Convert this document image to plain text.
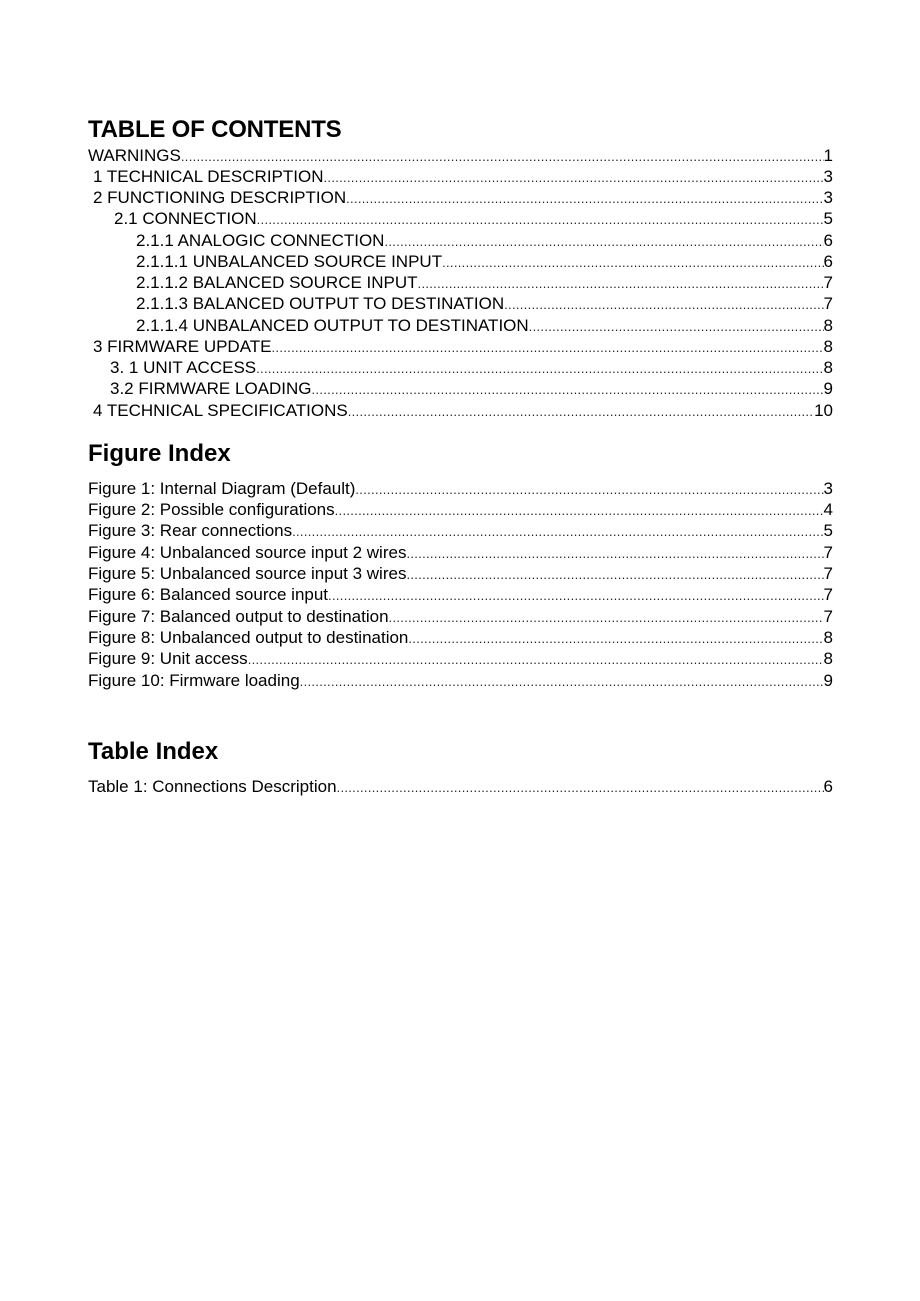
TABLE OF CONTENTS
WARNINGS .....	1
1 TECHNICAL DESCRIPTION .....	3
2 FUNCTIONING DESCRIPTION .....	3
2.1 CONNECTION .....	5
2.1.1 ANALOGIC CONNECTION .....	6
2.1.1.1 UNBALANCED SOURCE INPUT .....	6
2.1.1.2 BALANCED SOURCE INPUT .....	7
2.1.1.3 BALANCED OUTPUT TO DESTINATION .....	7
2.1.1.4 UNBALANCED OUTPUT TO DESTINATION .....	8
3 FIRMWARE UPDATE .....	8
3. 1 UNIT ACCESS .....	8
3.2 FIRMWARE LOADING .....	9
4 TECHNICAL SPECIFICATIONS .....	10
Figure Index
Figure 1: Internal Diagram (Default) .....	3
Figure 2: Possible configurations .....	4
Figure 3: Rear connections .....	5
Figure 4: Unbalanced source input 2 wires .....	7
Figure 5: Unbalanced source input 3 wires .....	7
Figure 6: Balanced source input .....	7
Figure 7: Balanced output to destination .....	7
Figure 8: Unbalanced output to destination .....	8
Figure 9: Unit access .....	8
Figure 10: Firmware loading .....	9
Table Index
Table 1: Connections Description .....	6
